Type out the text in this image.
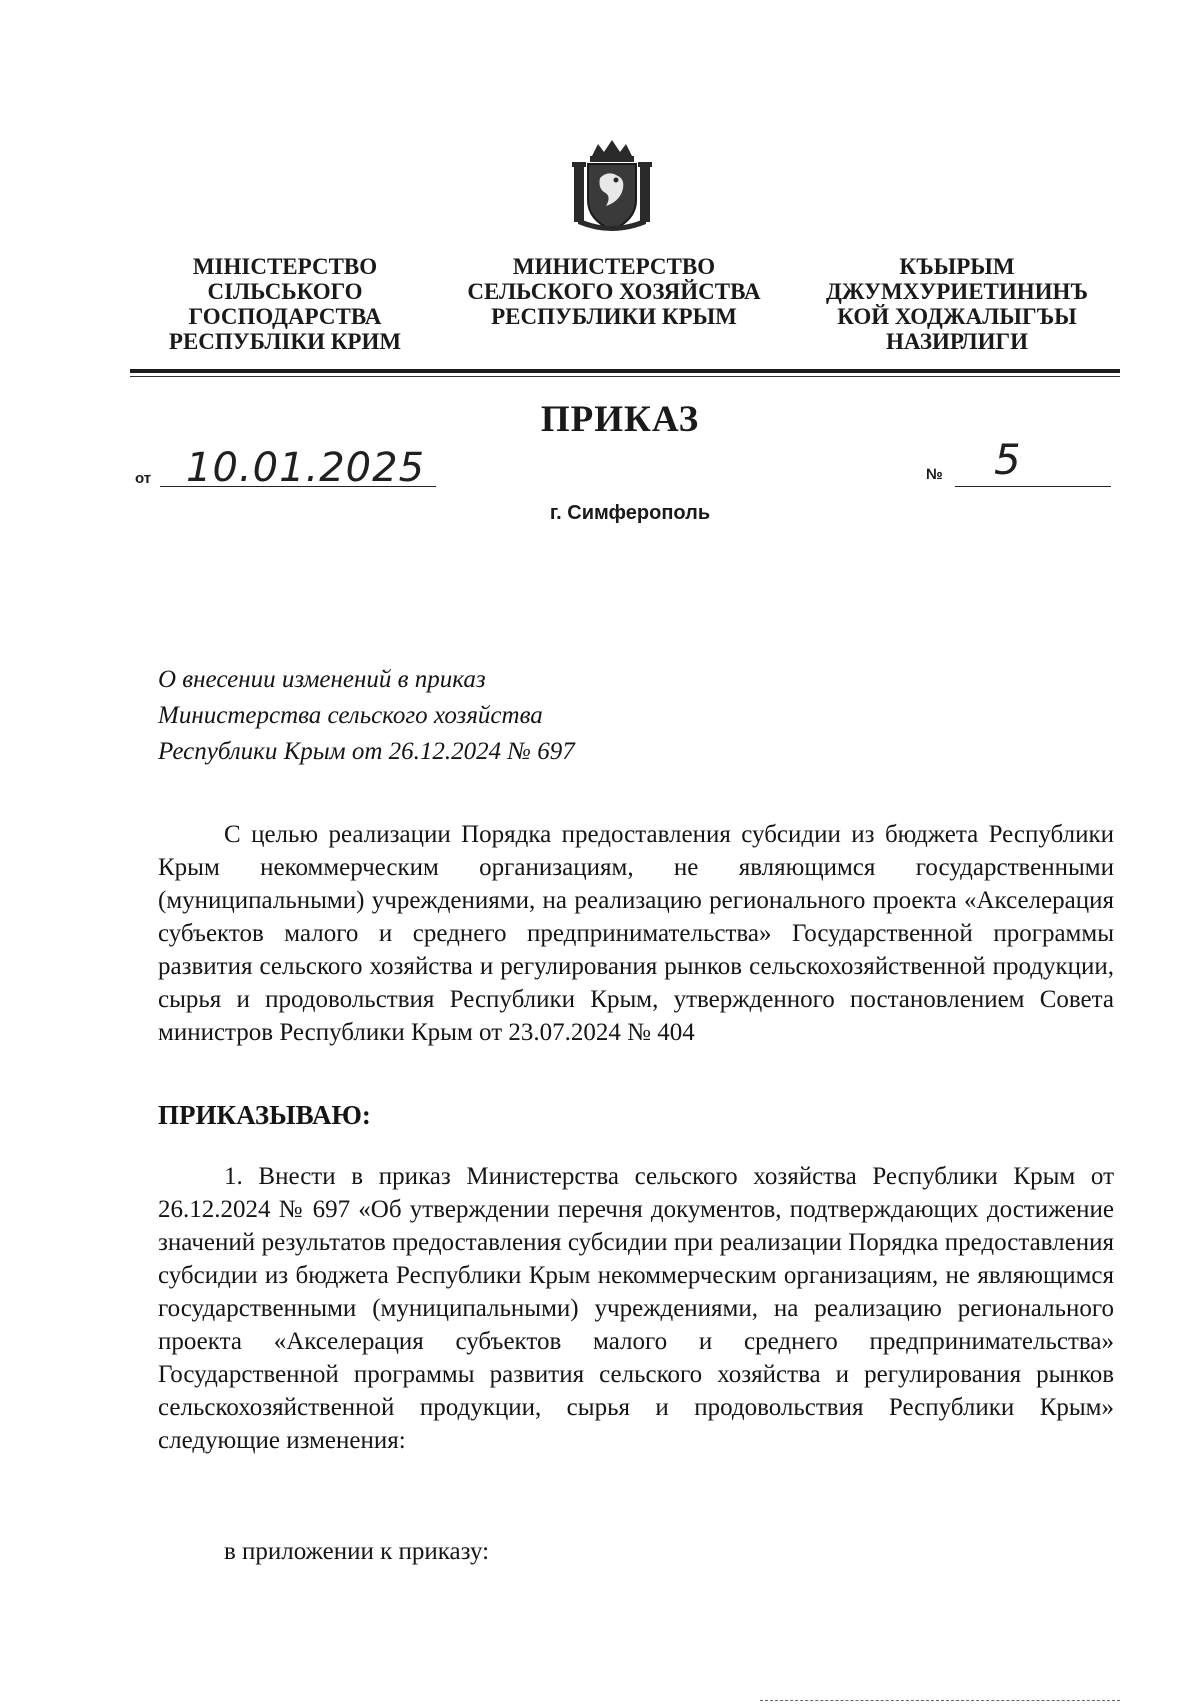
МІНІСТЕРСТВО
СІЛЬСЬКОГО
ГОСПОДАРСТВА
РЕСПУБЛІКИ КРИМ
МИНИСТЕРСТВО
СЕЛЬСКОГО ХОЗЯЙСТВА
РЕСПУБЛИКИ КРЫМ
КЪЫРЫМ
ДЖУМХУРИЕТИНИНЪ
КОЙ ХОДЖАЛЫГЪЫ
НАЗИРЛИГИ
ПРИКАЗ
от 10.01.2025	№ 5
г. Симферополь
О внесении изменений в приказ
Министерства сельского хозяйства
Республики Крым от 26.12.2024 № 697
С целью реализации Порядка предоставления субсидии из бюджета Республики Крым некоммерческим организациям, не являющимся государственными (муниципальными) учреждениями, на реализацию регионального проекта «Акселерация субъектов малого и среднего предпринимательства» Государственной программы развития сельского хозяйства и регулирования рынков сельскохозяйственной продукции, сырья и продовольствия Республики Крым, утвержденного постановлением Совета министров Республики Крым от 23.07.2024 № 404
ПРИКАЗЫВАЮ:
1. Внести в приказ Министерства сельского хозяйства Республики Крым от 26.12.2024 № 697 «Об утверждении перечня документов, подтверждающих достижение значений результатов предоставления субсидии при реализации Порядка предоставления субсидии из бюджета Республики Крым некоммерческим организациям, не являющимся государственными (муниципальными) учреждениями, на реализацию регионального проекта «Акселерация субъектов малого и среднего предпринимательства» Государственной программы развития сельского хозяйства и регулирования рынков сельскохозяйственной продукции, сырья и продовольствия Республики Крым» следующие изменения:
в приложении к приказу:
